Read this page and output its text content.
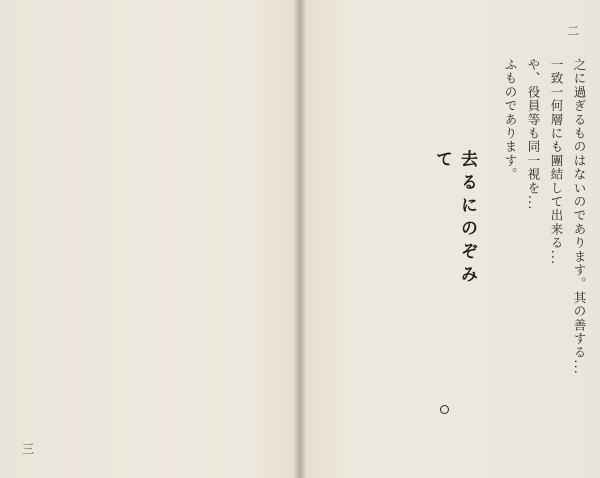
之に過ぎるものはないのであります。其の善する...
一致一何層にも團結して出来る...
や、役員等も同一視を...
ふものであります。
去るにのぞみて
二
三
